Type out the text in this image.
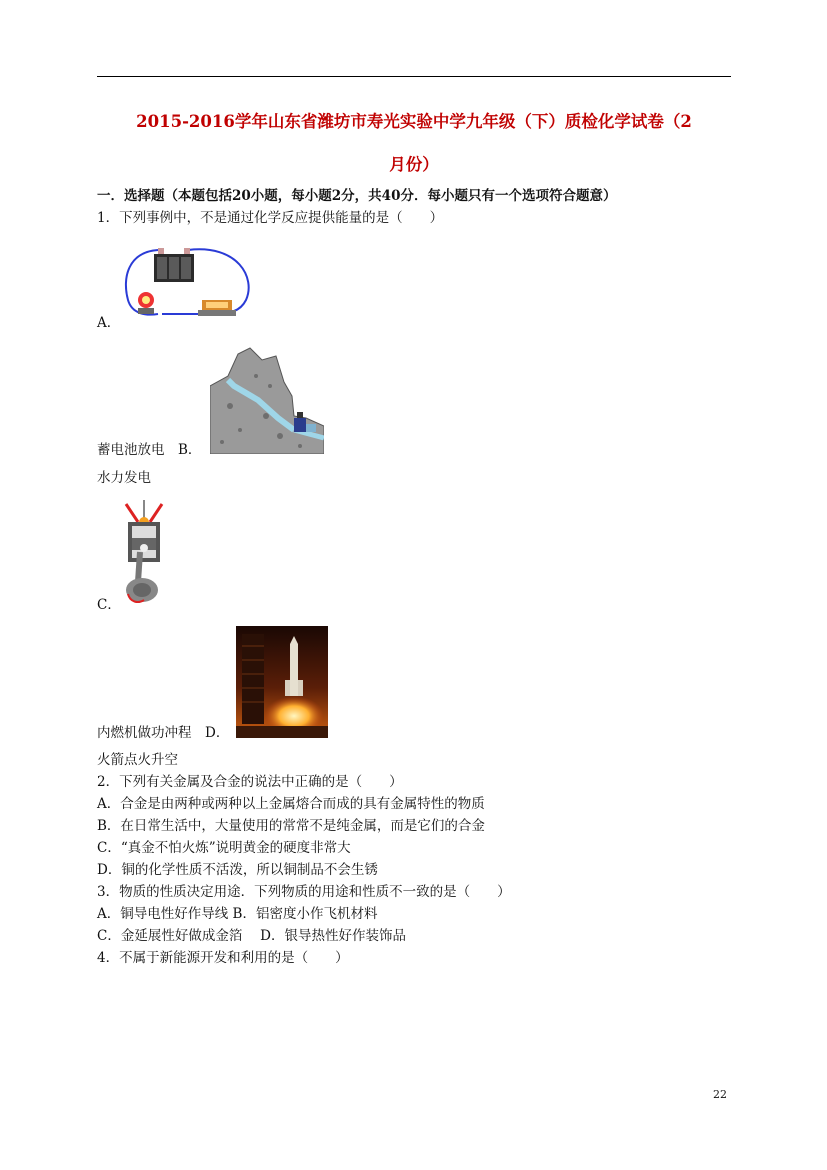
2015-2016学年山东省潍坊市寿光实验中学九年级（下）质检化学试卷（2
月份）
一．选择题（本题包括20小题，每小题2分，共40分．每小题只有一个选项符合题意）
1．下列事例中，不是通过化学反应提供能量的是（　　）
A．
蓄电池放电　 B．
水力发电
C．
内燃机做功冲程　 D．
火箭点火升空
2．下列有关金属及合金的说法中正确的是（　　）
A．合金是由两种或两种以上金属熔合而成的具有金属特性的物质
B．在日常生活中，大量使用的常常不是纯金属，而是它们的合金
C．“真金不怕火炼”说明黄金的硬度非常大
D．铜的化学性质不活泼，所以铜制品不会生锈
3．物质的性质决定用途．下列物质的用途和性质不一致的是（　　）
A．铜导电性好作导线 B．铝密度小作飞机材料
C．金延展性好做成金箔　 D．银导热性好作装饰品
4．不属于新能源开发和利用的是（　　）
22
